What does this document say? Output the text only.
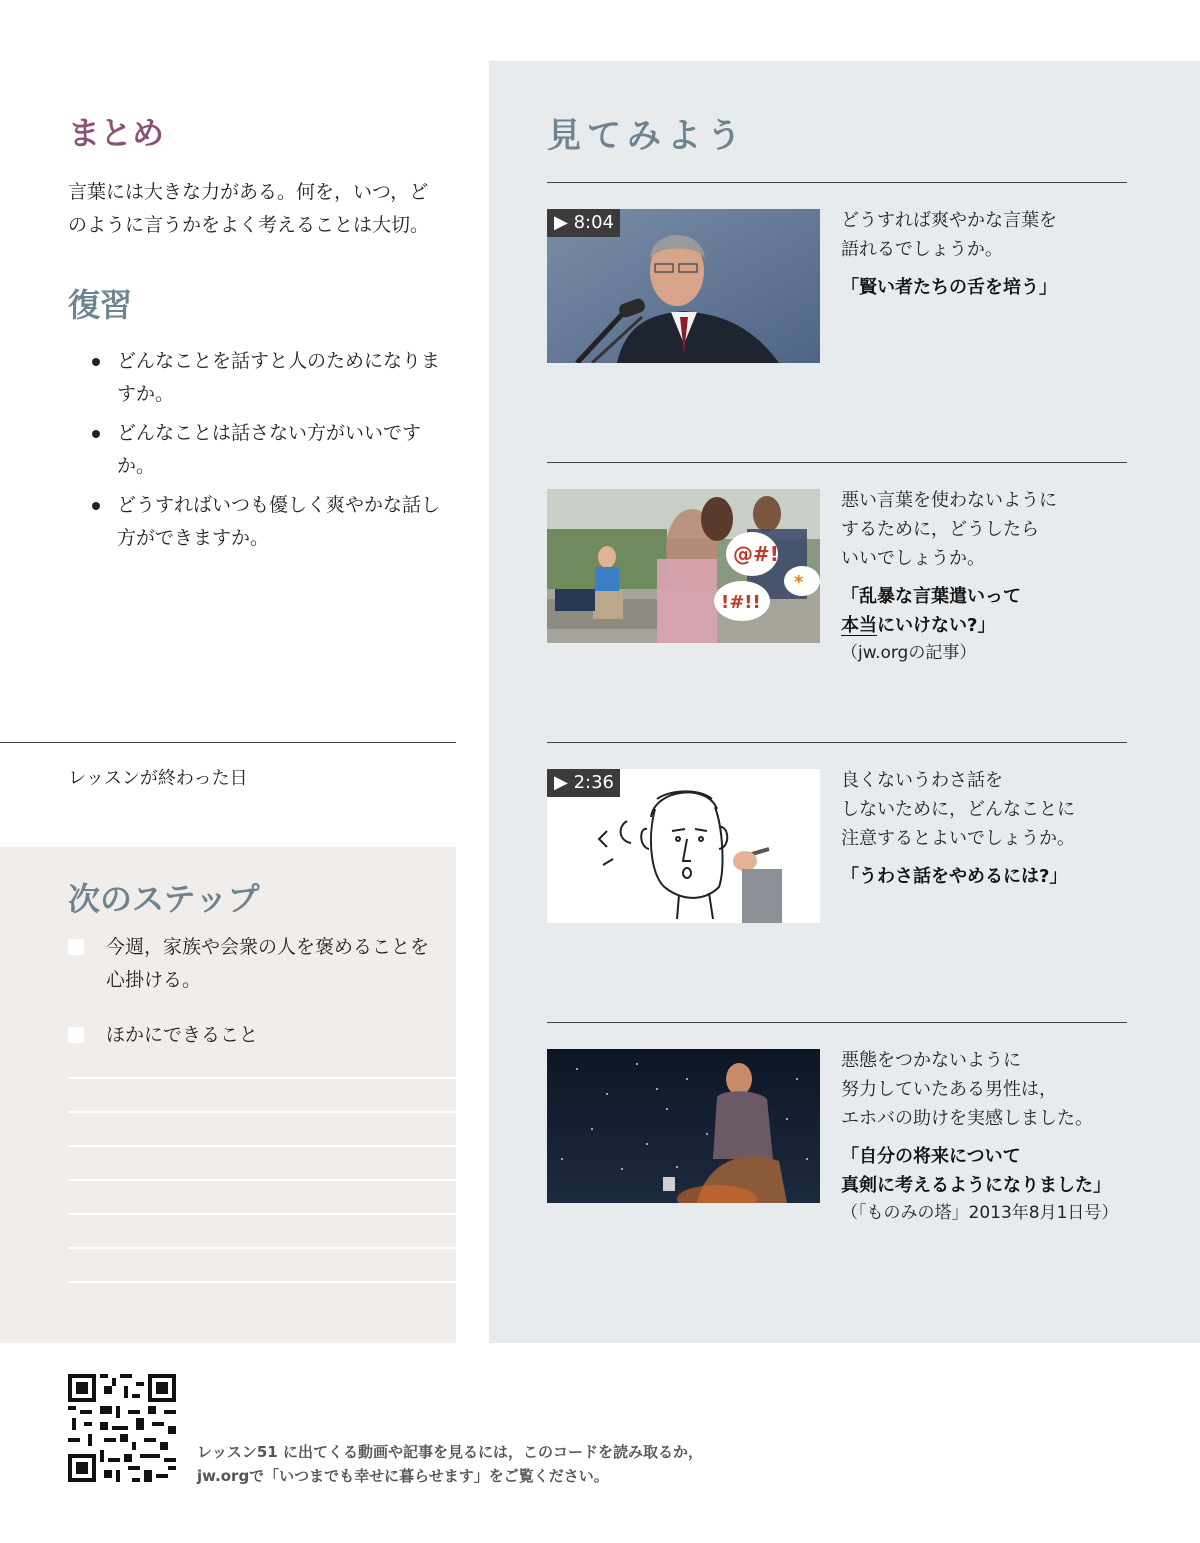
まとめ

言葉には大きな力がある。何を，いつ，どのように言うかをよく考えることは大切。

復習
どんなことを話すと人のためになりますか。
どんなことは話さない方がいいですか。
どうすればいつも優しく爽やかな話し方ができますか。
レッスンが終わった日
次のステップ
今週，家族や会衆の人を褒めることを心掛ける。
ほかにできること
見てみよう
▶ 8:04	どうすれば爽やかな言葉を
語れるでしょうか。
「賢い者たちの舌を培う」
@#!
!#!!
*
悪い言葉を使わないように
するために，どうしたら
いいでしょうか。
「乱暴な言葉遣いって
本当にいけない?」
（jw.orgの記事）
▶ 2:36	良くないうわさ話を
しないために，どんなことに
注意するとよいでしょうか。
「うわさ話をやめるには?」
悪態をつかないように
努力していたある男性は，
エホバの助けを実感しました。
「自分の将来について
真剣に考えるようになりました」
（「ものみの塔」2013年8月1日号）
レッスン51 に出てくる動画や記事を見るには，このコードを読み取るか，
jw.orgで「いつまでも幸せに暮らせます」をご覧ください。
